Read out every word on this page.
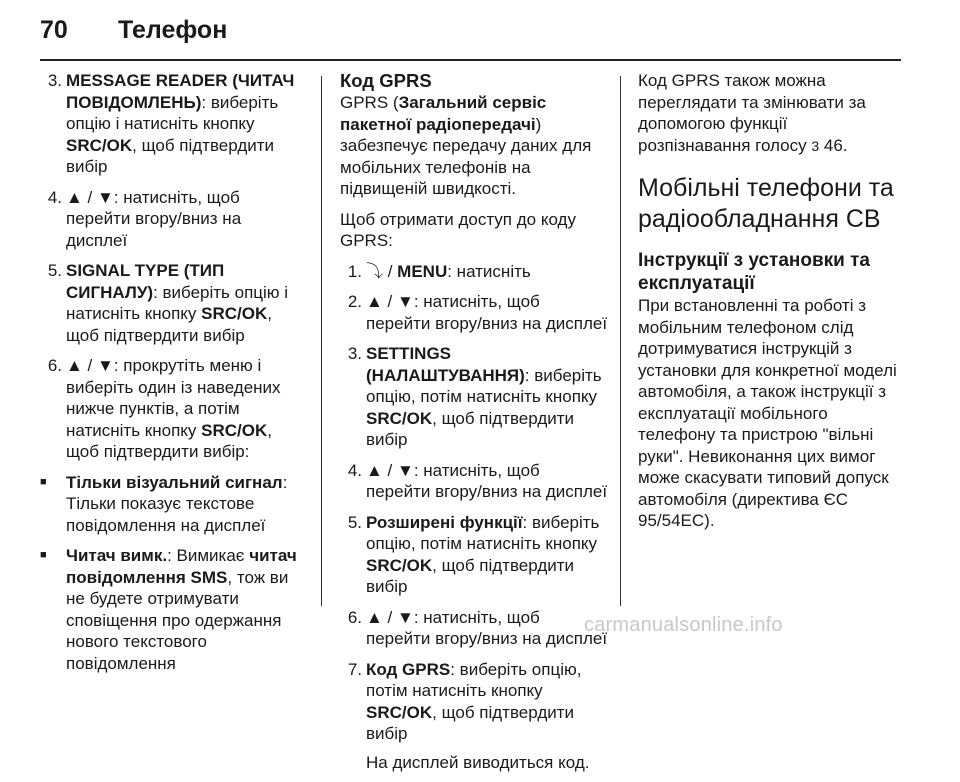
70 Телефон
3. MESSAGE READER (ЧИТАЧ ПОВІДОМЛЕНЬ): виберіть опцію і натисніть кнопку SRC/OK, щоб підтвердити вибір
4. ▲ / ▼: натисніть, щоб перейти вгору/вниз на дисплеї
5. SIGNAL TYPE (ТИП СИГНАЛУ): виберіть опцію і натисніть кнопку SRC/OK, щоб підтвердити вибір
6. ▲ / ▼: прокрутіть меню і виберіть один із наведених нижче пунктів, а потім натисніть кнопку SRC/OK, щоб підтвердити вибір:
■	Тільки візуальний сигнал: Тільки показує текстове повідомлення на дисплеї
■	Читач вимк.: Вимикає читач повідомлення SMS, тож ви не будете отримувати сповіщення про одержання нового текстового повідомлення
Код GPRS

GPRS (Загальний сервіс пакетної радіопередачі) забезпечує передачу даних для мобільних телефонів на підвищеній швидкості.

Щоб отримати доступ до коду GPRS:

1. ⤵ / MENU: натисніть
2. ▲ / ▼: натисніть, щоб перейти вгору/вниз на дисплеї
3. SETTINGS (НАЛАШТУВАННЯ): виберіть опцію, потім натисніть кнопку SRC/OK, щоб підтвердити вибір
4. ▲ / ▼: натисніть, щоб перейти вгору/вниз на дисплеї
5. Розширені функції: виберіть опцію, потім натисніть кнопку SRC/OK, щоб підтвердити вибір
6. ▲ / ▼: натисніть, щоб перейти вгору/вниз на дисплеї
7. Код GPRS: виберіть опцію, потім натисніть кнопку SRC/OK, щоб підтвердити вибір

На дисплей виводиться код.

Код GPRS також можна переглядати та змінювати за допомогою функції розпізнавання голосу 3 46.

Мобільні телефони та радіообладнання СВ
Інструкції з установки та експлуатації

При встановленні та роботі з мобільним телефоном слід дотримуватися інструкцій з установки для конкретної моделі автомобіля, а також інструкції з експлуатації мобільного телефону та пристрою "вільні руки". Невиконання цих вимог може скасувати типовий допуск автомобіля (директива ЄС 95/54ЕС).

carmanualsonline.info
